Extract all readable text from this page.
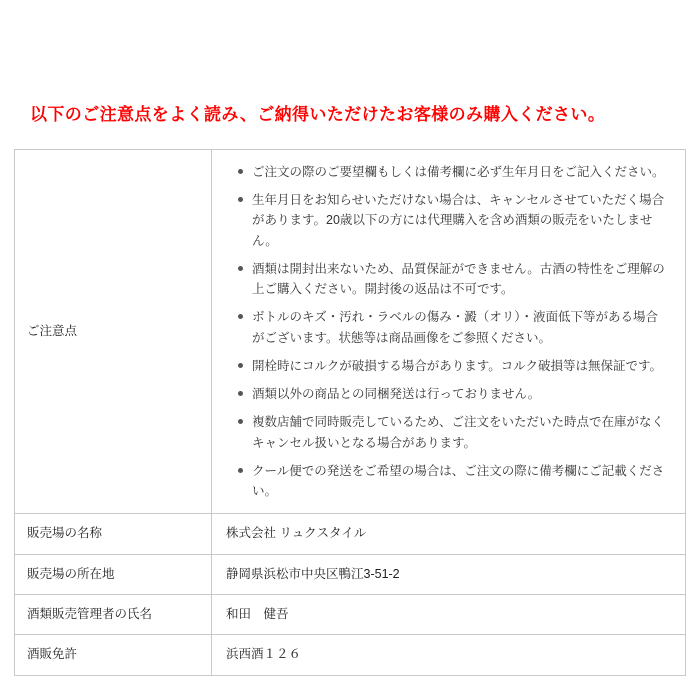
以下のご注意点をよく読み、ご納得いただけたお客様のみ購入ください。
ご注意点	
ご注文の際のご要望欄もしくは備考欄に必ず生年月日をご記入ください。
生年月日をお知らせいただけない場合は、キャンセルさせていただく場合があります。20歳以下の方には代理購入を含め酒類の販売をいたしません。
酒類は開封出来ないため、品質保証ができません。古酒の特性をご理解の上ご購入ください。開封後の返品は不可です。
ボトルのキズ・汚れ・ラベルの傷み・澱（オリ）・液面低下等がある場合がございます。状態等は商品画像をご参照ください。
開栓時にコルクが破損する場合があります。コルク破損等は無保証です。
酒類以外の商品との同梱発送は行っておりません。
複数店舗で同時販売しているため、ご注文をいただいた時点で在庫がなくキャンセル扱いとなる場合があります。
クール便での発送をご希望の場合は、ご注文の際に備考欄にご記載ください。

販売場の名称	株式会社 リュクスタイル
販売場の所在地	静岡県浜松市中央区鴨江3-51-2
酒類販売管理者の氏名	和田　健吾
酒販免許	浜西酒１２６
